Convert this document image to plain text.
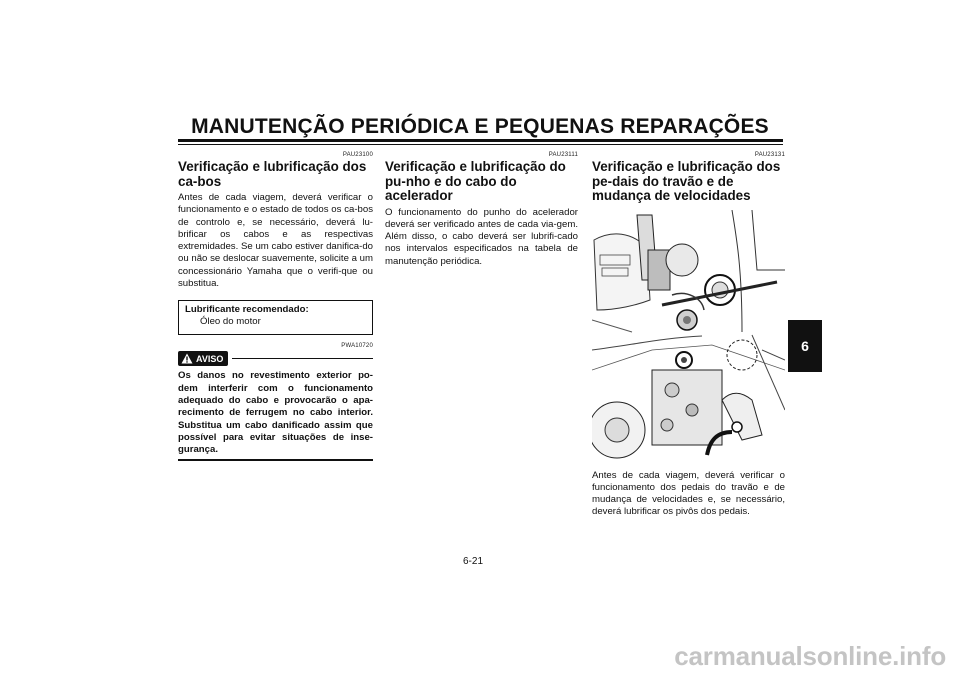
MANUTENÇÃO PERIÓDICA E PEQUENAS REPARAÇÕES
6
PAU23100
Verificação e lubrificação dos ca-bos

Antes de cada viagem, deverá verificar o funcionamento e o estado de todos os ca-bos de controlo e, se necessário, deverá lu-brificar os cabos e as respectivas extremidades. Se um cabo estiver danifica-do ou não se deslocar suavemente, solicite a um concessionário Yamaha que o verifi-que ou substitua.

Lubrificante recomendado:
Óleo do motor
PWA10720
AVISO

Os danos no revestimento exterior po-dem interferir com o funcionamento adequado do cabo e provocarão o apa-recimento de ferrugem no cabo interior. Substitua um cabo danificado assim que possível para evitar situações de inse-gurança.

PAU23111
Verificação e lubrificação do pu-nho e do cabo do acelerador

O funcionamento do punho do acelerador deverá ser verificado antes de cada via-gem. Além disso, o cabo deverá ser lubrifi-cado nos intervalos especificados na tabela de manutenção periódica.

PAU23131
Verificação e lubrificação dos pe-dais do travão e de mudança de velocidades

Antes de cada viagem, deverá verificar o funcionamento dos pedais do travão e de mudança de velocidades e, se necessário, deverá lubrificar os pivôs dos pedais.

6-21
carmanualsonline.info
